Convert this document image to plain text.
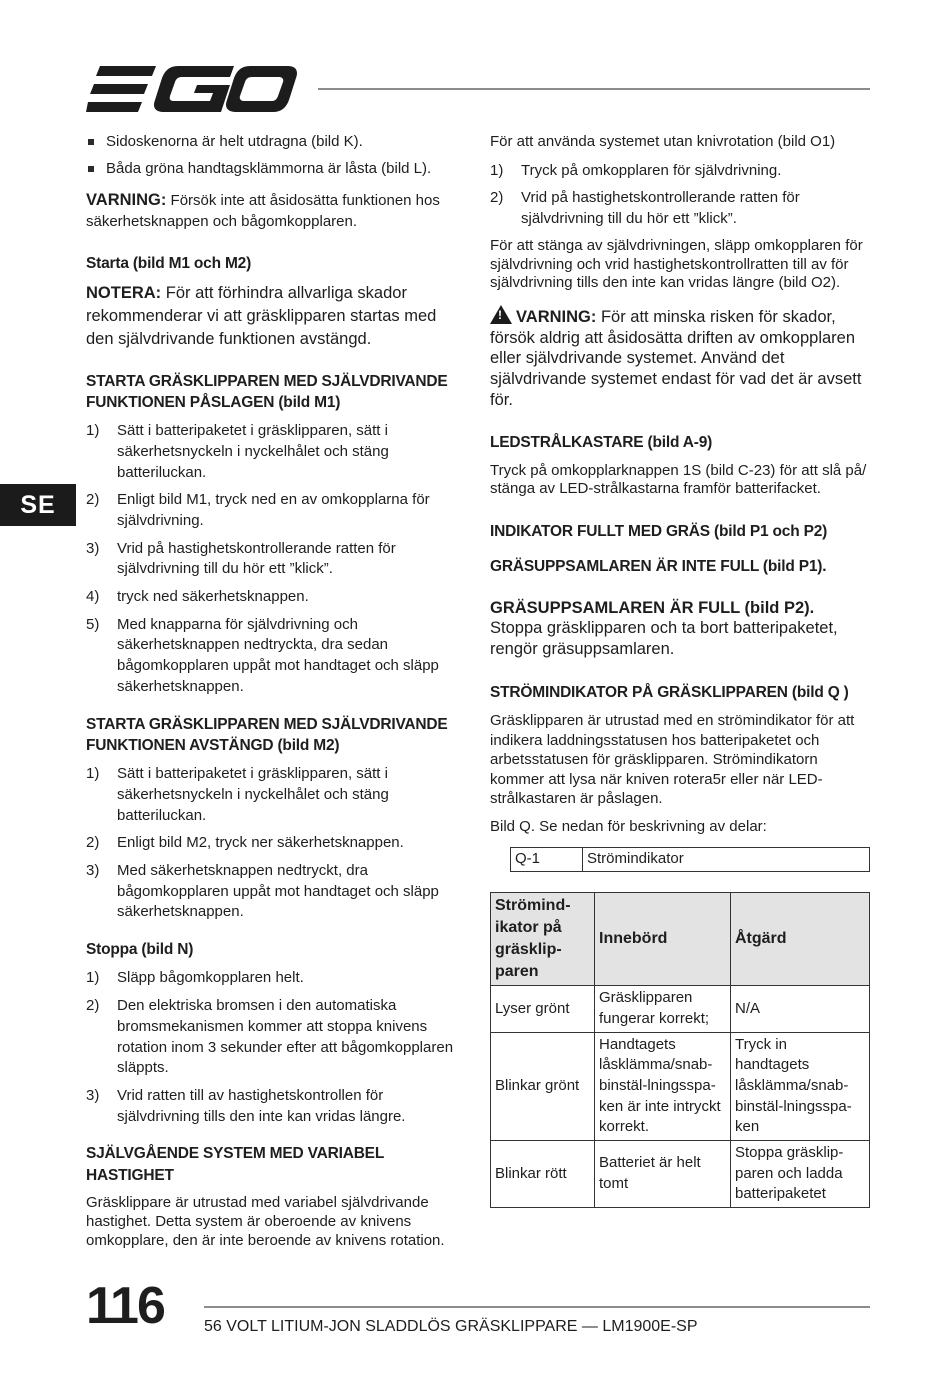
EGO
SE
Sidoskenorna är helt utdragna (bild K).
Båda gröna handtagsklämmorna är låsta (bild L).

VARNING: Försök inte att åsidosätta funktionen hos säkerhetsknappen och bågomkopplaren.

Starta (bild M1 och M2)

NOTERA: För att förhindra allvarliga skador rekommenderar vi att gräsklipparen startas med den självdrivande funktionen avstängd.

STARTA GRÄSKLIPPAREN MED SJÄLVDRIVANDE FUNKTIONEN PÅSLAGEN (bild M1)
1)	Sätt i batteripaketet i gräsklipparen, sätt i säkerhetsnyckeln i nyckelhålet och stäng batteriluckan.
2)	Enligt bild M1, tryck ned en av omkopplarna för självdrivning.
3)	Vrid på hastighetskontrollerande ratten för självdrivning till du hör ett ”klick”.
4)	tryck ned säkerhetsknappen.
5)	Med knapparna för självdrivning och säkerhetsknappen nedtryckta, dra sedan bågomkopplaren uppåt mot handtaget och släpp säkerhetsknappen.
STARTA GRÄSKLIPPAREN MED SJÄLVDRIVANDE FUNKTIONEN AVSTÄNGD (bild M2)
1)	Sätt i batteripaketet i gräsklipparen, sätt i säkerhetsnyckeln i nyckelhålet och stäng batteriluckan.
2)	Enligt bild M2, tryck ner säkerhetsknappen.
3)	Med säkerhetsknappen nedtryckt, dra bågomkopplaren uppåt mot handtaget och släpp säkerhetsknappen.
Stoppa (bild N)
1)	Släpp bågomkopplaren helt.
2)	Den elektriska bromsen i den automatiska bromsmekanismen kommer att stoppa knivens rotation inom 3 sekunder efter att bågomkopplaren släppts.
3)	Vrid ratten till av hastighetskontrollen för självdrivning tills den inte kan vridas längre.
SJÄLVGÅENDE SYSTEM MED VARIABEL HASTIGHET

Gräsklippare är utrustad med variabel självdrivande hastighet. Detta system är oberoende av knivens omkopplare, den är inte beroende av knivens rotation.

För att använda systemet utan knivrotation (bild O1)

1)	Tryck på omkopplaren för självdrivning.
2)	Vrid på hastighetskontrollerande ratten för självdrivning till du hör ett ”klick”.

För att stänga av självdrivningen, släpp omkopplaren för självdrivning och vrid hastighetskontrollratten till av för självdrivning tills den inte kan vridas längre (bild O2).

!VARNING: För att minska risken för skador, försök aldrig att åsidosätta driften av omkopplaren eller självdrivande systemet. Använd det självdrivande systemet endast för vad det är avsett för.

LEDSTRÅLKASTARE (bild A-9)

Tryck på omkopplarknappen 1S (bild C-23) för att slå på/ stänga av LED-strålkastarna framför batterifacket.

INDIKATOR FULLT MED GRÄS (bild P1 och P2)
GRÄSUPPSAMLAREN ÄR INTE FULL (bild P1).

GRÄSUPPSAMLAREN ÄR FULL (bild P2). Stoppa gräsklipparen och ta bort batteripaketet, rengör gräsuppsamlaren.

STRÖMINDIKATOR PÅ GRÄSKLIPPAREN (bild Q )

Gräsklipparen är utrustad med en strömindikator för att indikera laddningsstatusen hos batteripaketet och arbetsstatusen för gräsklipparen. Strömindikatorn kommer att lysa när kniven rotera5r eller när LED-strålkastaren är påslagen.

Bild Q. Se nedan för beskrivning av delar:

Q-1	Strömindikator
Strömind-ikator på gräsklip-paren	Innebörd	Åtgärd
Lyser grönt	Gräsklipparen fungerar korrekt;	N/A
Blinkar grönt	Handtagets låsklämma/snab-binstäl-lningsspa-ken är inte intryckt korrekt.	Tryck in handtagets låsklämma/snab-binstäl-lningsspa-ken
Blinkar rött	Batteriet är helt tomt	Stoppa gräsklip-paren och ladda batteripaketet
116	56 VOLT LITIUM-JON SLADDLÖS GRÄSKLIPPARE — LM1900E-SP
